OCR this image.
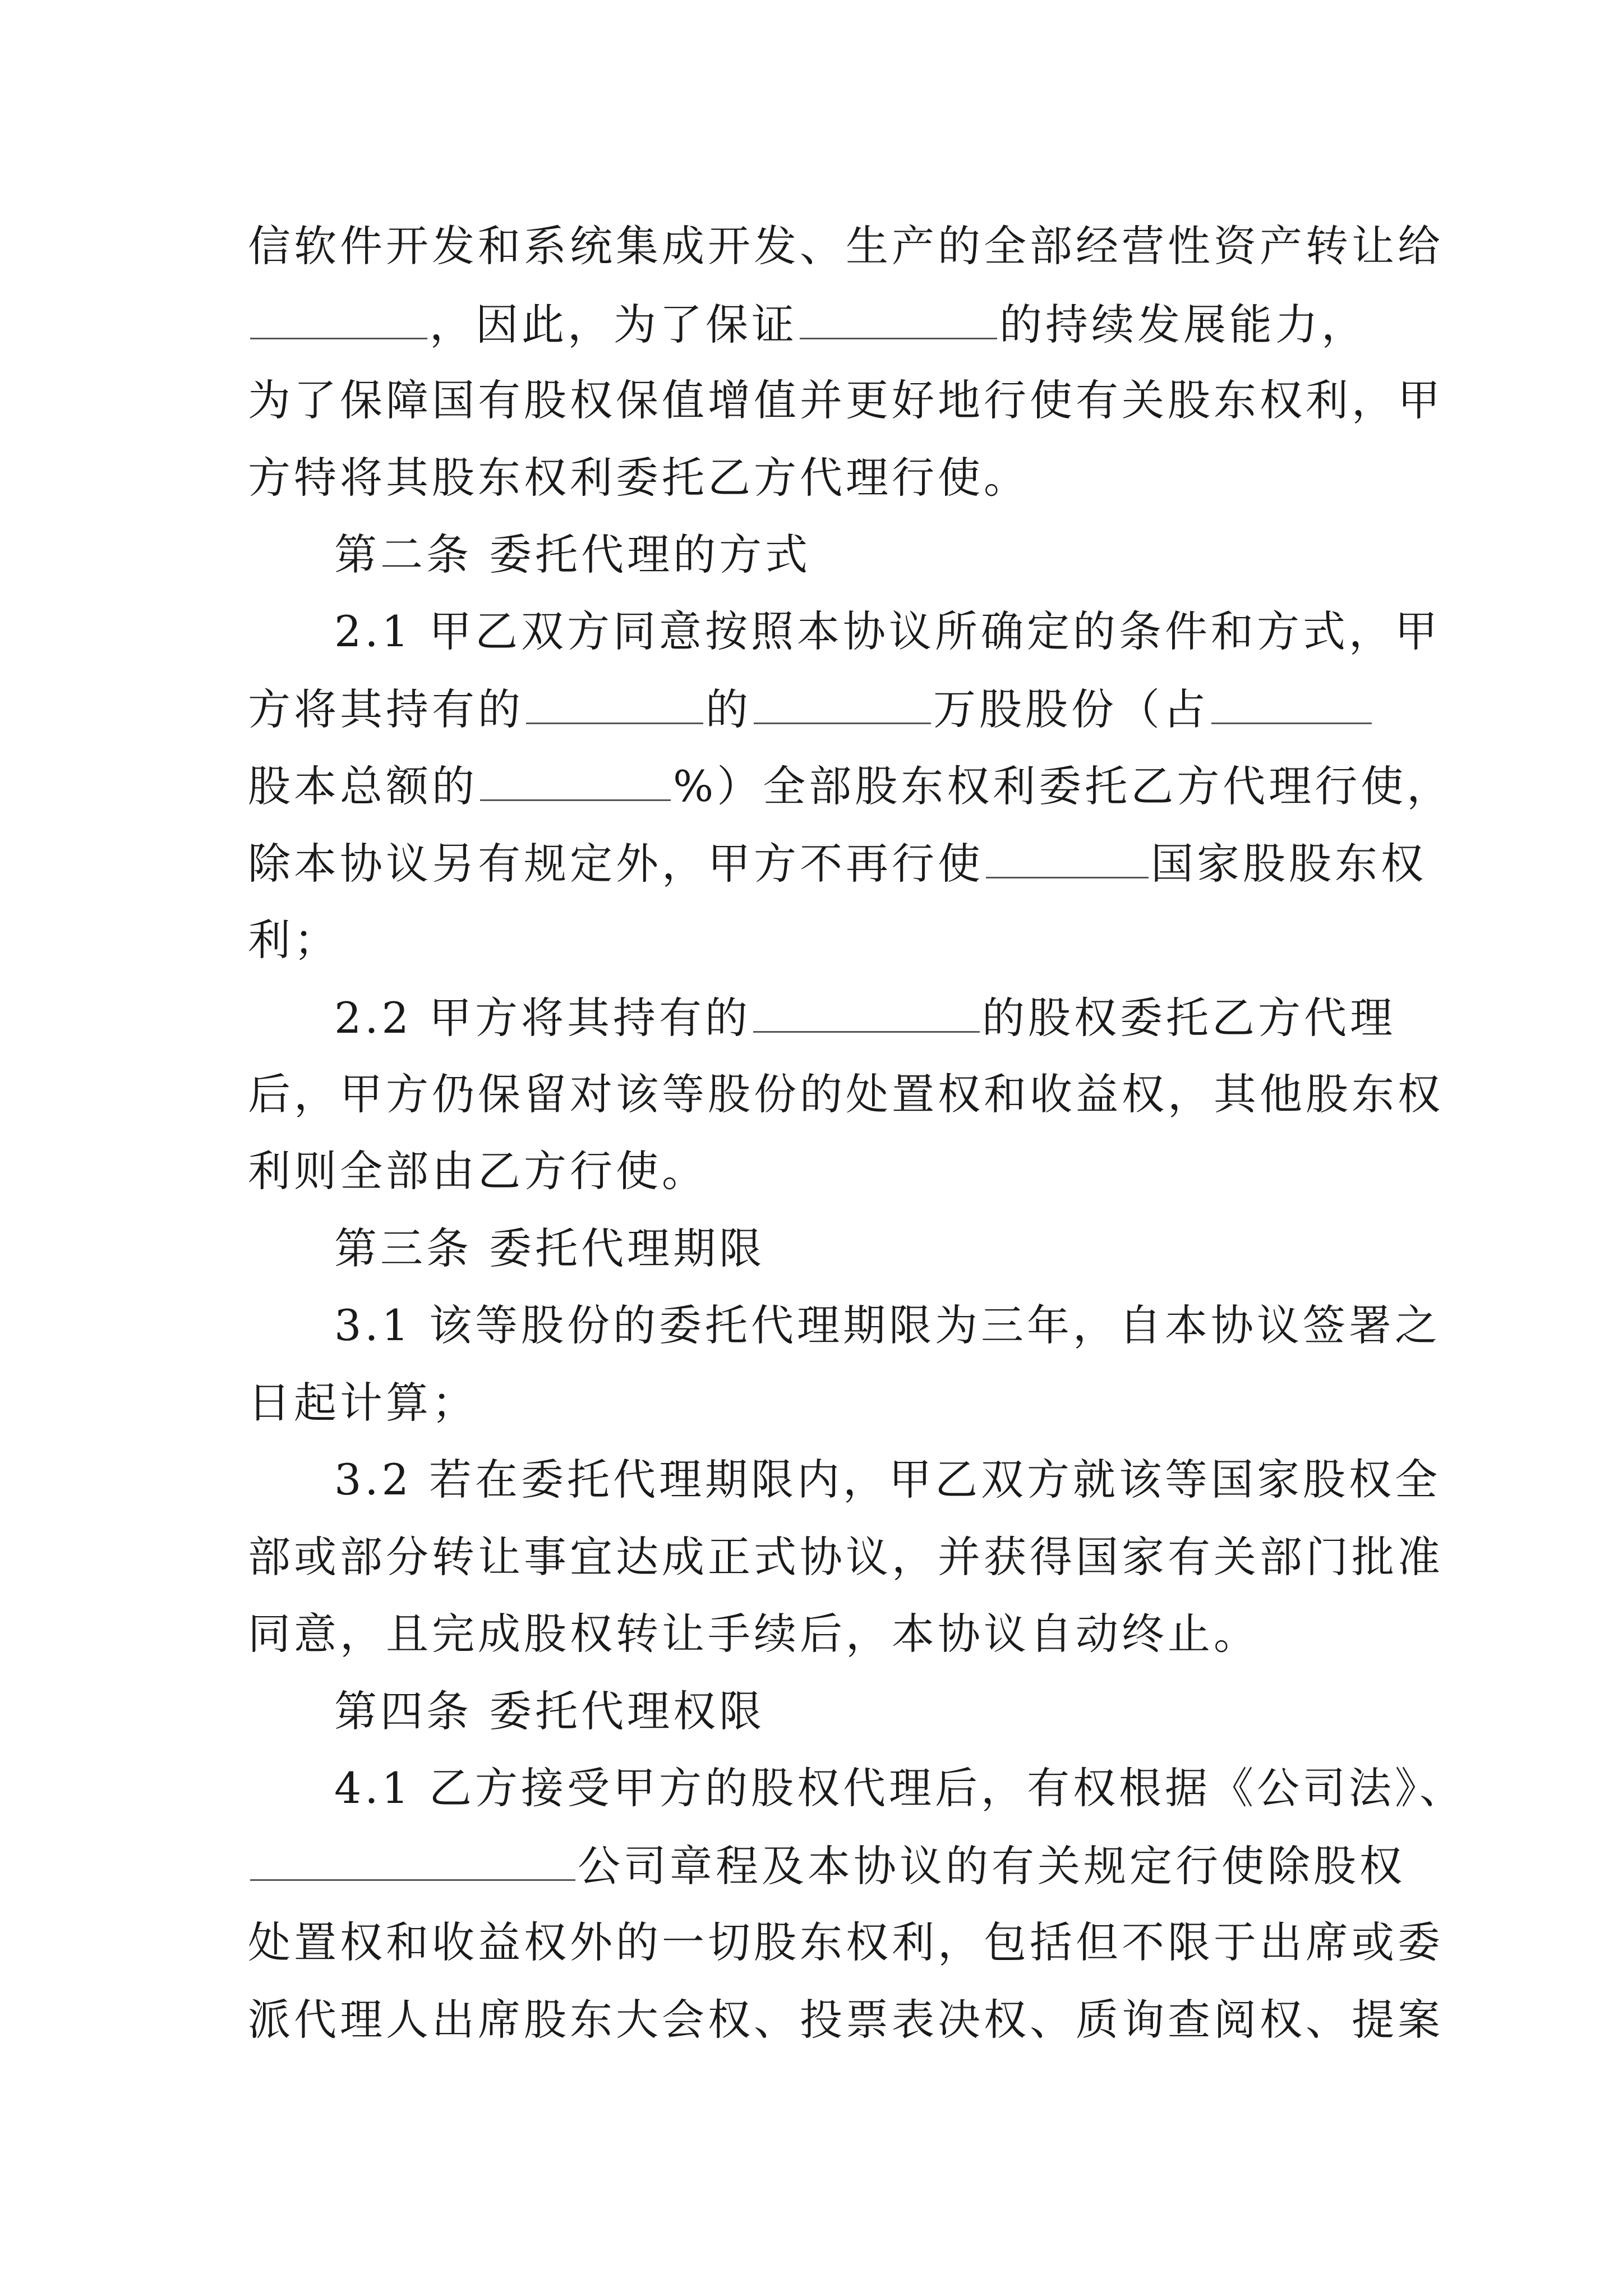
信软件开发和系统集成开发、生产的全部经营性资产转让给
，因此，为了保证	的持续发展能力，
为了保障国有股权保值增值并更好地行使有关股东权利，甲
方特将其股东权利委托乙方代理行使。
第二条 委托代理的方式
2.1 甲乙双方同意按照本协议所确定的条件和方式，甲
方将其持有的	的	万股股份（占
股本总额的	%）全部股东权利委托乙方代理行使，
除本协议另有规定外，甲方不再行使	国家股股东权
利；
2.2 甲方将其持有的	的股权委托乙方代理
后，甲方仍保留对该等股份的处置权和收益权，其他股东权
利则全部由乙方行使。
第三条 委托代理期限
3.1 该等股份的委托代理期限为三年，自本协议签署之
日起计算；
3.2 若在委托代理期限内，甲乙双方就该等国家股权全
部或部分转让事宜达成正式协议，并获得国家有关部门批准
同意，且完成股权转让手续后，本协议自动终止。
第四条 委托代理权限
4.1 乙方接受甲方的股权代理后，有权根据《公司法》、
公司章程及本协议的有关规定行使除股权
处置权和收益权外的一切股东权利，包括但不限于出席或委
派代理人出席股东大会权、投票表决权、质询查阅权、提案
